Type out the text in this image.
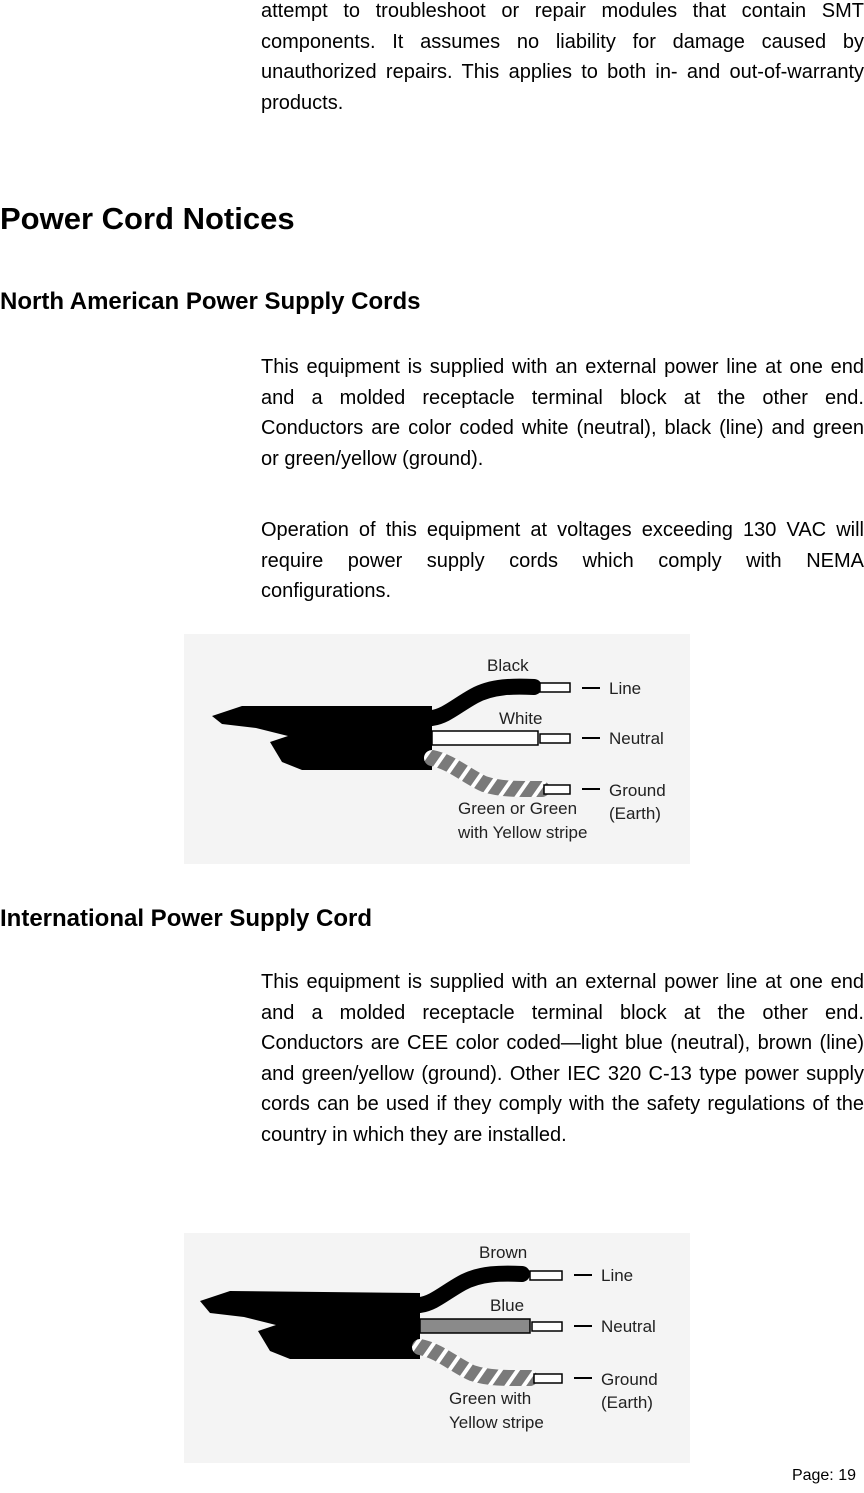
attempt to troubleshoot or repair modules that contain SMT components. It assumes no liability for damage caused by unauthorized repairs. This applies to both in- and out-of-warranty products.

Power Cord Notices
North American Power Supply Cords

This equipment is supplied with an external power line at one end and a molded receptacle terminal block at the other end. Conductors are color coded white (neutral), black (line) and green or green/yellow (ground).

Operation of this equipment at voltages exceeding 130 VAC will require power supply cords which comply with NEMA configurations.

Black
White
Green or Green
with Yellow stripe
Line
Neutral
Ground
(Earth)
International Power Supply Cord

This equipment is supplied with an external power line at one end and a molded receptacle terminal block at the other end. Conductors are CEE color coded—light blue (neutral), brown (line) and green/yellow (ground). Other IEC 320 C-13 type power supply cords can be used if they comply with the safety regulations of the country in which they are installed.

Brown
Blue
Green with
Yellow stripe
Line
Neutral
Ground
(Earth)

Page: 19
